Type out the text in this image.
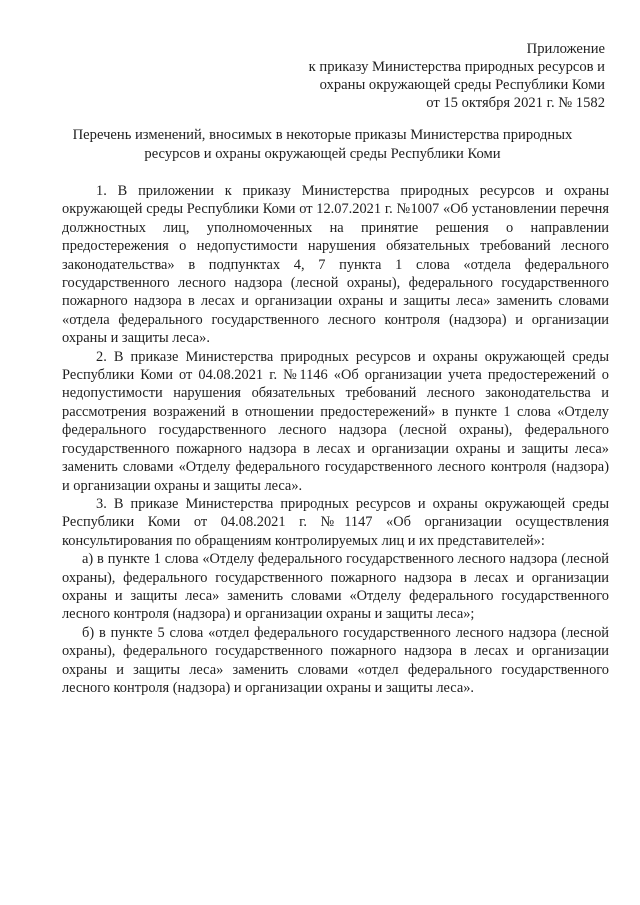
Приложение
к приказу Министерства природных ресурсов и
охраны окружающей среды Республики Коми
от 15 октября 2021 г. № 1582
Перечень изменений, вносимых в некоторые приказы Министерства природных
ресурсов и охраны окружающей среды Республики Коми

1. В приложении к приказу Министерства природных ресурсов и охраны окружающей среды Республики Коми от 12.07.2021 г. №1007 «Об установлении перечня должностных лиц, уполномоченных на принятие решения о направлении предостережения о недопустимости нарушения обязательных требований лесного законодательства» в подпунктах 4, 7 пункта 1 слова «отдела федерального государственного лесного надзора (лесной охраны), федерального государственного пожарного надзора в лесах и организации охраны и защиты леса» заменить словами «отдела федерального государственного лесного контроля (надзора) и организации охраны и защиты леса».

2. В приказе Министерства природных ресурсов и охраны окружающей среды Республики Коми от 04.08.2021 г. №1146 «Об организации учета предостережений о недопустимости нарушения обязательных требований лесного законодательства и рассмотрения возражений в отношении предостережений» в пункте 1 слова «Отделу федерального государственного лесного надзора (лесной охраны), федерального государственного пожарного надзора в лесах и организации охраны и защиты леса» заменить словами «Отделу федерального государственного лесного контроля (надзора) и организации охраны и защиты леса».

3. В приказе Министерства природных ресурсов и охраны окружающей среды Республики Коми от 04.08.2021 г. №1147 «Об организации осуществления консультирования по обращениям контролируемых лиц и их представителей»:

а) в пункте 1 слова «Отделу федерального государственного лесного надзора (лесной охраны), федерального государственного пожарного надзора в лесах и организации охраны и защиты леса» заменить словами «Отделу федерального государственного лесного контроля (надзора) и организации охраны и защиты леса»;

б) в пункте 5 слова «отдел федерального государственного лесного надзора (лесной охраны), федерального государственного пожарного надзора в лесах и организации охраны и защиты леса» заменить словами «отдел федерального государственного лесного контроля (надзора) и организации охраны и защиты леса».
